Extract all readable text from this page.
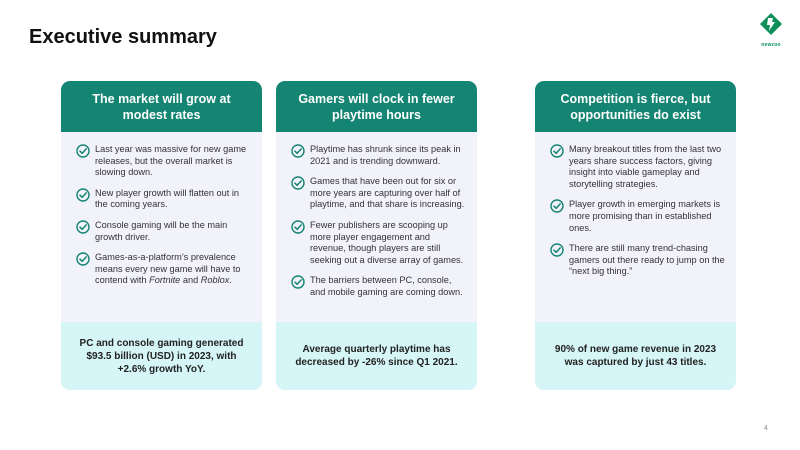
Executive summary	newzoo
The market will grow at modest rates
Last year was massive for new game releases, but the overall market is slowing down.
New player growth will flatten out in the coming years.
Console gaming will be the main growth driver.
Games-as-a-platform’s prevalence means every new game will have to contend with Fortnite and Roblox.
PC and console gaming generated $93.5 billion (USD) in 2023, with +2.6% growth YoY.
Gamers will clock in fewer playtime hours
Playtime has shrunk since its peak in 2021 and is trending downward.
Games that have been out for six or more years are capturing over half of playtime, and that share is increasing.
Fewer publishers are scooping up more player engagement and revenue, though players are still seeking out a diverse array of games.
The barriers between PC, console, and mobile gaming are coming down.
Average quarterly playtime has decreased by -26% since Q1 2021.
Competition is fierce, but opportunities do exist
Many breakout titles from the last two years share success factors, giving insight into viable gameplay and storytelling strategies.
Player growth in emerging markets is more promising than in established ones.
There are still many trend-chasing gamers out there ready to jump on the “next big thing.”
90% of new game revenue in 2023 was captured by just 43 titles.
4
